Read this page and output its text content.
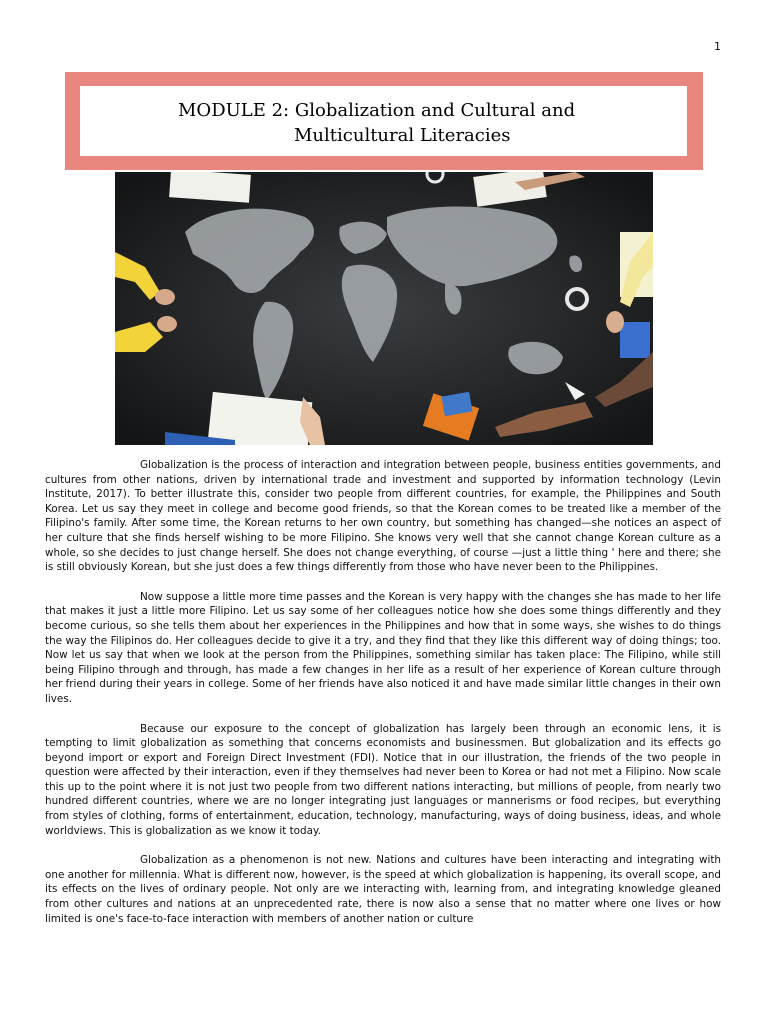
1
MODULE 2: Globalization and Cultural and
Multicultural Literacies

Globalization is the process of interaction and integration between people, business entities governments, and cultures from other nations, driven by international trade and investment and supported by information technology (Levin Institute, 2017). To better illustrate this, consider two people from different countries, for example, the Philippines and South Korea. Let us say they meet in college and become good friends, so that the Korean comes to be treated like a member of the Filipino's family. After some time, the Korean returns to her own country, but something has changed—she notices an aspect of her culture that she finds herself wishing to be more Filipino. She knows very well that she cannot change Korean culture as a whole, so she decides to just change herself. She does not change everything, of course —just a little thing ' here and there; she is still obviously Korean, but she just does a few things differently from those who have never been to the Philippines.

Now suppose a little more time passes and the Korean is very happy with the changes she has made to her life that makes it just a little more Filipino. Let us say some of her colleagues notice how she does some things differently and they become curious, so she tells them about her experiences in the Philippines and how that in some ways, she wishes to do things the way the Filipinos do. Her colleagues decide to give it a try, and they find that they like this different way of doing things; too. Now let us say that when we look at the person from the Philippines, something similar has taken place: The Filipino, while still being Filipino through and through, has made a few changes in her life as a result of her experience of Korean culture through her friend during their years in college. Some of her friends have also noticed it and have made similar little changes in their own lives.

Because our exposure to the concept of globalization has largely been through an economic lens, it is tempting to limit globalization as something that concerns economists and businessmen. But globalization and its effects go beyond import or export and Foreign Direct Investment (FDI). Notice that in our illustration, the friends of the two people in question were affected by their interaction, even if they themselves had never been to Korea or had not met a Filipino. Now scale this up to the point where it is not just two people from two different nations interacting, but millions of people, from nearly two hundred different countries, where we are no longer integrating just languages or mannerisms or food recipes, but everything from styles of clothing, forms of entertainment, education, technology, manufacturing, ways of doing business, ideas, and whole worldviews. This is globalization as we know it today.

Globalization as a phenomenon is not new. Nations and cultures have been interacting and integrating with one another for millennia. What is different now, however, is the speed at which globalization is happening, its overall scope, and its effects on the lives of ordinary people. Not only are we interacting with, learning from, and integrating knowledge gleaned from other cultures and nations at an unprecedented rate, there is now also a sense that no matter where one lives or how limited is one's face-to-face interaction with members of another nation or culture
